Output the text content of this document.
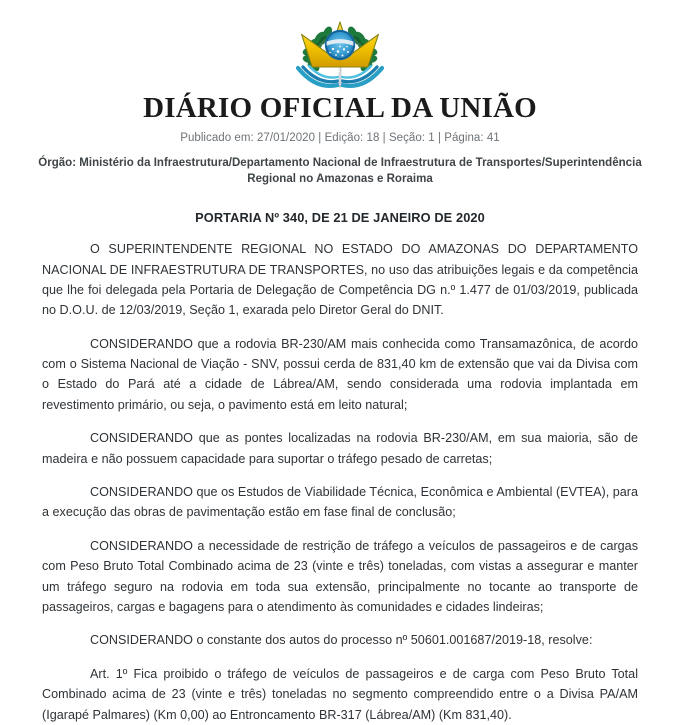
DIÁRIO OFICIAL DA UNIÃO
Publicado em: 27/01/2020 | Edição: 18 | Seção: 1 | Página: 41
Órgão: Ministério da Infraestrutura/Departamento Nacional de Infraestrutura de Transportes/Superintendência Regional no Amazonas e Roraima
PORTARIA Nº 340, DE 21 DE JANEIRO DE 2020

O SUPERINTENDENTE REGIONAL NO ESTADO DO AMAZONAS DO DEPARTAMENTO NACIONAL DE INFRAESTRUTURA DE TRANSPORTES, no uso das atribuições legais e da competência que lhe foi delegada pela Portaria de Delegação de Competência DG n.º 1.477 de 01/03/2019, publicada no D.O.U. de 12/03/2019, Seção 1, exarada pelo Diretor Geral do DNIT.

CONSIDERANDO que a rodovia BR-230/AM mais conhecida como Transamazônica, de acordo com o Sistema Nacional de Viação - SNV, possui cerda de 831,40 km de extensão que vai da Divisa com o Estado do Pará até a cidade de Lábrea/AM, sendo considerada uma rodovia implantada em revestimento primário, ou seja, o pavimento está em leito natural;

CONSIDERANDO que as pontes localizadas na rodovia BR-230/AM, em sua maioria, são de madeira e não possuem capacidade para suportar o tráfego pesado de carretas;

CONSIDERANDO que os Estudos de Viabilidade Técnica, Econômica e Ambiental (EVTEA), para a execução das obras de pavimentação estão em fase final de conclusão;

CONSIDERANDO a necessidade de restrição de tráfego a veículos de passageiros e de cargas com Peso Bruto Total Combinado acima de 23 (vinte e três) toneladas, com vistas a assegurar e manter um tráfego seguro na rodovia em toda sua extensão, principalmente no tocante ao transporte de passageiros, cargas e bagagens para o atendimento às comunidades e cidades lindeiras;

CONSIDERANDO o constante dos autos do processo nº 50601.001687/2019-18, resolve:

Art. 1º Fica proibido o tráfego de veículos de passageiros e de carga com Peso Bruto Total Combinado acima de 23 (vinte e três) toneladas no segmento compreendido entre o a Divisa PA/AM (Igarapé Palmares) (Km 0,00) ao Entroncamento BR-317 (Lábrea/AM) (Km 831,40).
